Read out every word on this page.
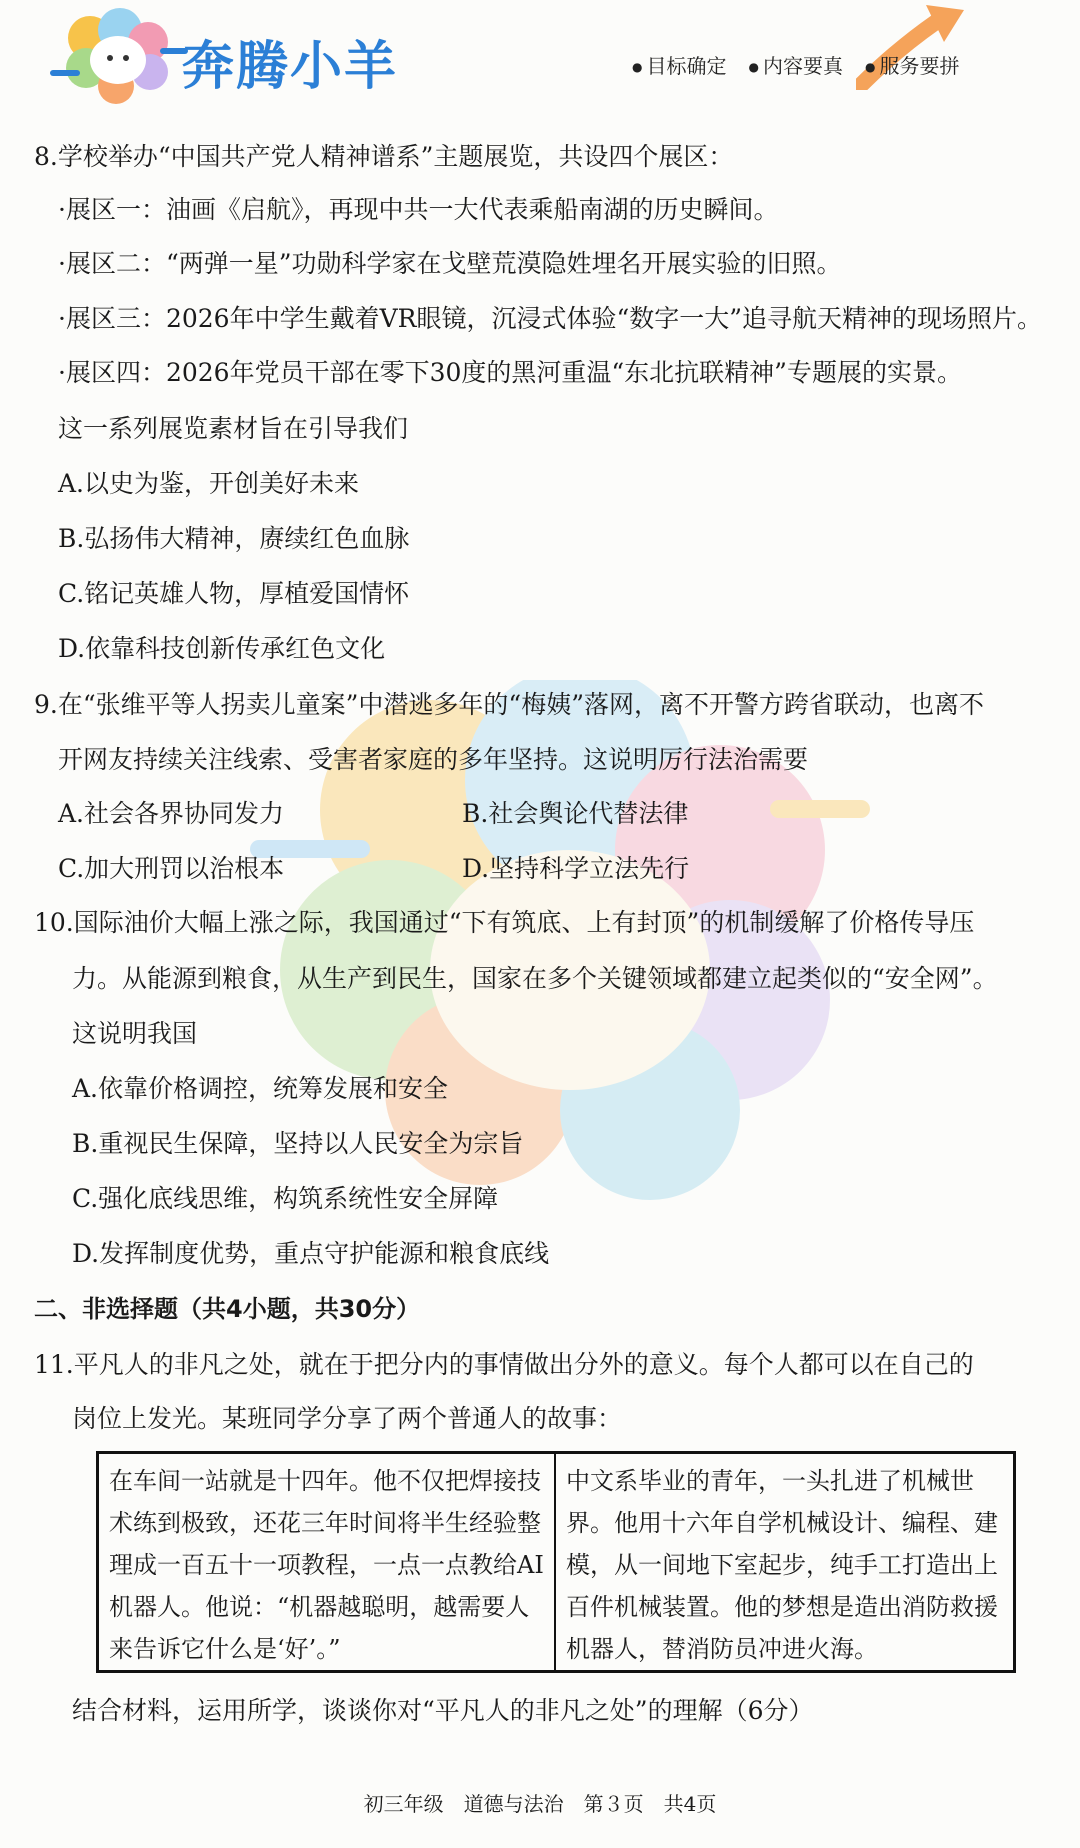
奔腾小羊	● 目标确定	● 内容要真	● 服务要拼
8.学校举办“中国共产党人精神谱系”主题展览，共设四个展区：
·展区一：油画《启航》，再现中共一大代表乘船南湖的历史瞬间。
·展区二：“两弹一星”功勋科学家在戈壁荒漠隐姓埋名开展实验的旧照。
·展区三：2026年中学生戴着VR眼镜，沉浸式体验“数字一大”追寻航天精神的现场照片。
·展区四：2026年党员干部在零下30度的黑河重温“东北抗联精神”专题展的实景。
这一系列展览素材旨在引导我们
A.以史为鉴，开创美好未来
B.弘扬伟大精神，赓续红色血脉
C.铭记英雄人物，厚植爱国情怀
D.依靠科技创新传承红色文化
9.在“张维平等人拐卖儿童案”中潜逃多年的“梅姨”落网，离不开警方跨省联动，也离不
开网友持续关注线索、受害者家庭的多年坚持。这说明厉行法治需要
A.社会各界协同发力	B.社会舆论代替法律
C.加大刑罚以治根本	D.坚持科学立法先行
10.国际油价大幅上涨之际，我国通过“下有筑底、上有封顶”的机制缓解了价格传导压
力。从能源到粮食，从生产到民生，国家在多个关键领域都建立起类似的“安全网”。
这说明我国
A.依靠价格调控，统筹发展和安全
B.重视民生保障，坚持以人民安全为宗旨
C.强化底线思维，构筑系统性安全屏障
D.发挥制度优势，重点守护能源和粮食底线
二、非选择题（共4小题，共30分）
11.平凡人的非凡之处，就在于把分内的事情做出分外的意义。每个人都可以在自己的
岗位上发光。某班同学分享了两个普通人的故事：
在车间一站就是十四年。他不仅把焊接技术练到极致，还花三年时间将半生经验整理成一百五十一项教程，一点一点教给AI机器人。他说：“机器越聪明，越需要人来告诉它什么是‘好’。”
中文系毕业的青年，一头扎进了机械世界。他用十六年自学机械设计、编程、建模，从一间地下室起步，纯手工打造出上百件机械装置。他的梦想是造出消防救援机器人，替消防员冲进火海。
结合材料，运用所学，谈谈你对“平凡人的非凡之处”的理解（6分）
初三年级　道德与法治　第３页　共4页
